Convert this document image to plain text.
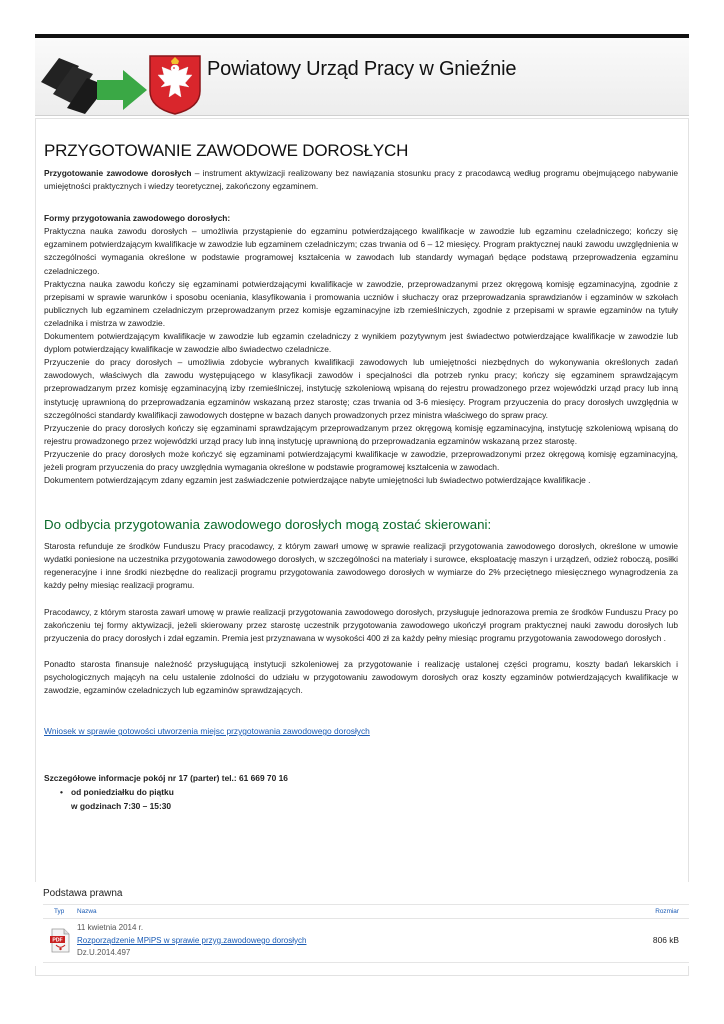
Powiatowy Urząd Pracy w Gnieźnie
PRZYGOTOWANIE ZAWODOWE DOROSŁYCH
Przygotowanie zawodowe dorosłych – instrument aktywizacji realizowany bez nawiązania stosunku pracy z pracodawcą według programu obejmującego nabywanie umiejętności praktycznych i wiedzy teoretycznej, zakończony egzaminem.
Formy przygotowania zawodowego dorosłych:
Praktyczna nauka zawodu dorosłych – umożliwia przystąpienie do egzaminu potwierdzającego kwalifikacje w zawodzie lub egzaminu czeladniczego; kończy się egzaminem potwierdzającym kwalifikacje w zawodzie lub egzaminem czeladniczym; czas trwania od 6 – 12 miesięcy. Program praktycznej nauki zawodu uwzględnienia w szczególności wymagania określone w podstawie programowej kształcenia w zawodach lub standardy wymagań będące podstawą przeprowadzenia egzaminu czeladniczego.
Praktyczna nauka zawodu kończy się egzaminami potwierdzającymi kwalifikacje w zawodzie, przeprowadzanymi przez okręgową komisję egzaminacyjną, zgodnie z przepisami w sprawie warunków i sposobu oceniania, klasyfikowania i promowania uczniów i słuchaczy oraz przeprowadzania sprawdzianów i egzaminów w szkołach publicznych lub egzaminem czeladniczym przeprowadzanym przez komisje egzaminacyjne izb rzemieślniczych, zgodnie z przepisami w sprawie egzaminów na tytuły czeladnika i mistrza w zawodzie.
Dokumentem potwierdzającym kwalifikacje w zawodzie lub egzamin czeladniczy z wynikiem pozytywnym jest świadectwo potwierdzające kwalifikacje w zawodzie lub dyplom potwierdzający kwalifikacje w zawodzie albo świadectwo czeladnicze.
Przyuczenie do pracy dorosłych – umożliwia zdobycie wybranych kwalifikacji zawodowych lub umiejętności niezbędnych do wykonywania określonych zadań zawodowych, właściwych dla zawodu występującego w klasyfikacji zawodów i specjalności dla potrzeb rynku pracy; kończy się egzaminem sprawdzającym przeprowadzanym przez komisję egzaminacyjną izby rzemieślniczej, instytucję szkoleniową wpisaną do rejestru prowadzonego przez wojewódzki urząd pracy lub inną instytucję uprawnioną do przeprowadzania egzaminów wskazaną przez starostę; czas trwania od 3-6 miesięcy. Program przyuczenia do pracy dorosłych uwzględnia w szczególności standardy kwalifikacji zawodowych dostępne w bazach danych prowadzonych przez ministra właściwego do spraw pracy.
Przyuczenie do pracy dorosłych kończy się egzaminami sprawdzającym przeprowadzanym przez okręgową komisję egzaminacyjną, instytucję szkoleniową wpisaną do rejestru prowadzonego przez wojewódzki urząd pracy lub inną instytucję uprawnioną do przeprowadzania egzaminów wskazaną przez starostę.
Przyuczenie do pracy dorosłych może kończyć się egzaminami potwierdzającymi kwalifikacje w zawodzie, przeprowadzonymi przez okręgową komisję egzaminacyjną, jeżeli program przyuczenia do pracy uwzględnia wymagania określone w podstawie programowej kształcenia w zawodach.
Dokumentem potwierdzającym zdany egzamin jest zaświadczenie potwierdzające nabyte umiejętności lub świadectwo potwierdzające kwalifikacje .
Do odbycia przygotowania zawodowego dorosłych mogą zostać skierowani:
Starosta refunduje ze środków Funduszu Pracy pracodawcy, z którym zawarł umowę w sprawie realizacji przygotowania zawodowego dorosłych, określone w umowie wydatki poniesione na uczestnika przygotowania zawodowego dorosłych, w szczególności na materiały i surowce, eksploatację maszyn i urządzeń, odzież roboczą, posiłki regeneracyjne i inne środki niezbędne do realizacji programu przygotowania zawodowego dorosłych w wymiarze do 2% przeciętnego miesięcznego wynagrodzenia za każdy pełny miesiąc realizacji programu.
Pracodawcy, z którym starosta zawarł umowę w prawie realizacji przygotowania zawodowego dorosłych, przysługuje jednorazowa premia ze środków Funduszu Pracy po zakończeniu tej formy aktywizacji, jeżeli skierowany przez starostę uczestnik przygotowania zawodowego ukończył program praktycznej nauki zawodu dorosłych lub przyuczenia do pracy dorosłych i zdał egzamin. Premia jest przyznawana w wysokości 400 zł za każdy pełny miesiąc programu przygotowania zawodowego dorosłych .
Ponadto starosta finansuje należność przysługującą instytucji szkoleniowej za przygotowanie i realizację ustalonej części programu, koszty badań lekarskich i psychologicznych mającyh na celu ustalenie zdolności do udziału w przygotowaniu zawodowym dorosłych oraz koszty egzaminów potwierdzających kwalifikacje w zawodzie, egzaminów czeladniczych lub egzaminów sprawdzających.
Wniosek w sprawie gotowości utworzenia miejsc przygotowania zawodowego dorosłych
Szczegółowe informacje pokój nr 17 (parter) tel.: 61 669 70 16
• od poniedziałku do piątku
w godzinach 7:30 – 15:30
Podstawa prawna
Typ	Nazwa	Rozmiar
PDF
11 kwietnia 2014 r.
Rozporządzenie MPiPS w sprawie przyg.zawodowego dorosłych
Dz.U.2014.497
806 kB
